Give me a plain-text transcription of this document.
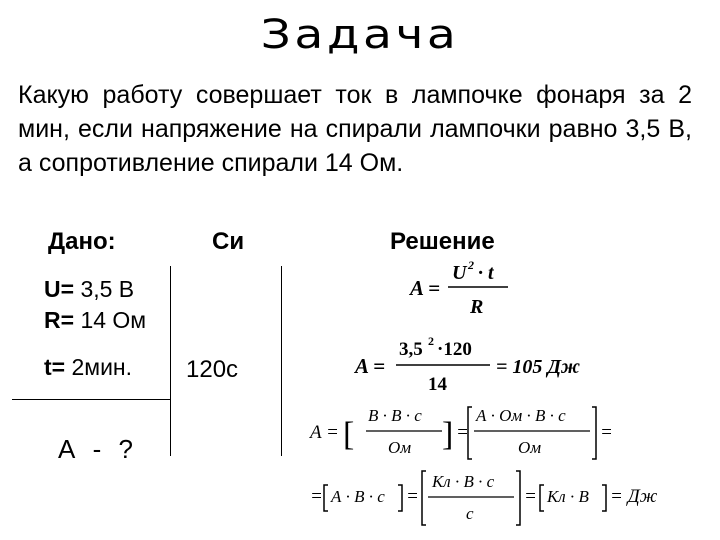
Задача
Какую работу совершает ток в лампочке фонаря за 2 мин, если напряжение на спирали лампочки равно 3,5 В, а сопротивление спирали 14 Ом.
Дано:	Си	Решение
U= 3,5 В
R= 14 Ом
t= 2мин. 120с
А - ?
A =
U 2 · t
R
A =
3,5 2 ·120
14
= 105 Дж
A = [
В · В · с
Ом ] =
А · Ом · В · с
Ом
=
= А · В · с =
Кл · В · с
с
= Кл · В = Дж
